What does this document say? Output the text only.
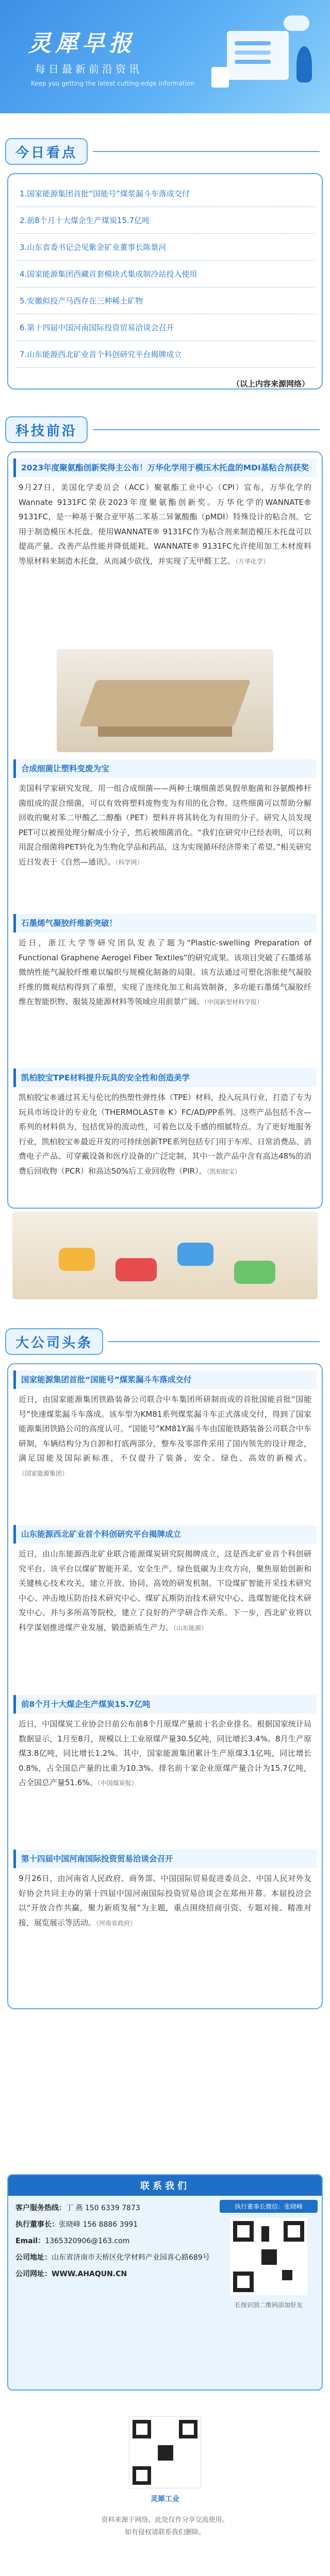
灵犀早报
每日最新前沿资讯
Keep you getting the latest cutting-edge information
今日看点
1.国家能源集团首批“国能号”煤浆漏斗车落成交付
2.前8个月十大煤企生产煤炭15.7亿吨
3.山东省委书记会见紫金矿业董事长陈景河
4.国家能源集团西藏首套模块式集成制冷站投入使用
5.安徽拟投产马西存在三种稀土矿物
6.第十四届中国河南国际投资贸易洽谈会召开
7.山东能源西北矿业首个科创研究平台揭牌成立
（以上内容来源网络）
科技前沿
2023年度聚氨酯创新奖得主公布！万华化学用于模压木托盘的MDI基粘合剂获奖
9月27日，美国化学委员会（ACC）聚氨酯工业中心（CPI）宣布，万华化学的Wannate 9131FC荣获2023年度聚氨酯创新奖。万华化学的WANNATE® 9131FC，是一种基于聚合亚甲基二苯基二异氰酸酯（pMDI）特殊设计的粘合剂。它用于制造模压木托盘。使用WANNATE® 9131FC作为粘合剂来制造模压木托盘可以提高产量、改善产品性能并降低能耗。WANNATE® 9131FC允许使用加工木材废料等原材料来制造木托盘，从而减少砍伐，并实现了无甲醛工艺。（万华化学）
合成细菌让塑料变废为宝
美国科学家研究发现，用一组合成细菌——两种土壤细菌恶臭假单胞菌和谷氨酸棒杆菌组成的混合细菌，可以有效将塑料废物变为有用的化合物。这些细菌可以帮助分解回收的聚对苯二甲酸乙二醇酯（PET）塑料并将其转化为有用的分子。研究人员发现PET可以被预处理分解成小分子，然后被细菌消化。“我们在研究中已经表明，可以利用混合细菌将PET转化为生物化学品和药品，这为实现循环经济带来了希望。”相关研究近日发表于《自然—通讯》。（科学网）
石墨烯气凝胶纤维新突破！
近日，浙江大学等研究团队发表了题为“Plastic-swelling Preparation of Functional Graphene Aerogel Fiber Textiles”的研究成果。该项目突破了石墨烯基微纳性能气凝胶纤维难以编织与规模化制备的局限。该方法通过可塑化溶胀使气凝胶纤维的微观结构得到了重塑，实现了连续化加工和高效制备，多功能石墨烯气凝胶纤维在智能织物、服装及能源材料等领域应用前景广阔。（中国新型材料学报）
凯柏胶宝TPE材料提升玩具的安全性和创造美学
凯柏胶宝®通过其无与伦比的热塑性弹性体（TPE）材料，投入玩具行业，打造了专为玩具市场设计的专业化（THERMOLAST® K）FC/AD/PP系列。这些产品包括不含—系列的材料供为，包括优异的流动性，可着色以及手感的细腻特点。为了更好地服务行业，凯柏胶宝®最近开发的可持续创新TPE系列包括专门用于车库、日常消费品、消费电子产品、可穿戴设备和医疗设备的广泛定制，其中一款产品中含有高达48%的消费后回收物（PCR）和高达50%后工业回收物（PIR）。（凯柏胶宝）
大公司头条
国家能源集团首批“国能号”煤浆漏斗车落成交付
近日，由国家能源集团铁路装备公司联合中车集团所研制而成的首批国能首批“国能号”快速煤浆漏斗车落成。该车型为KM81系列煤浆漏斗车正式落成交付，得到了国家能源集团铁路公司的高度认可。“国能号”KM81Y漏斗车由国能铁路装备公司联合中车研制，车辆结构分为自卸和打底两部分，整车及零部件采用了国内领先的设计理念，满足国能及国际新标准，不仅提升了装备，安全、绿色、高效的新模式。（国家能源集团）
山东能源西北矿业首个科创研究平台揭牌成立
近日，由山东能源西北矿业联合能源煤炭研究院揭牌成立，这是西北矿业首个科创研究平台。该平台以煤矿智能开采、安全生产、绿色低碳为主攻方向，聚焦原始创新和关键核心技术攻关，建立开放、协同、高效的研发机制。下设煤矿智能开采技术研究中心、冲击地压防治技术研究中心、煤矿瓦斯防治技术研究中心、选煤智能化技术研发中心。并与多所高等院校，建立了良好的产学研合作关系。下一步，西北矿业将以科学谋划推进煤产业发展，锻造新质生产力。（山东能源）
前8个月十大煤企生产煤炭15.7亿吨
近日，中国煤炭工业协会日前公布前8个月原煤产量前十名企业排名。根据国家统计局数据显示，1月至8月，规模以上工业原煤产量30.5亿吨，同比增长3.4%。8月生产原煤3.8亿吨，同比增长1.2%。其中，国家能源集团累计生产原煤3.1亿吨，同比增长0.8%，占全国总产量的比重为10.3%。排名前十家企业原煤产量合计为15.7亿吨，占全国总产量51.6%。（中国煤炭报）
第十四届中国河南国际投资贸易洽谈会召开
9月26日，由河南省人民政府、商务部、中国国际贸易促进委员会、中国人民对外友好协会共同主办的第十四届中国河南国际投资贸易洽谈会在郑州开幕。本届投洽会以“开放合作共赢，聚力新质发展”为主题，重点围绕招商引资、专题对接、精准对接，展览展示等活动。（河南省政府）
联系我们
客户服务热线：丁 燕 150 6339 7873
执行董事长：张晓峰 156 8886 3991
Email：1365320906@163.com
公司地址：山东省济南市天桥区化学材料产业园喜心路689号
公司网址：WWW.AHAQUN.CN
执行董事长微信：张晓峰
长按识别二维码添加好友
灵犀工业
资料来源于网络，此处仅作分享交流使用。
如有侵权请联系我们删除。
